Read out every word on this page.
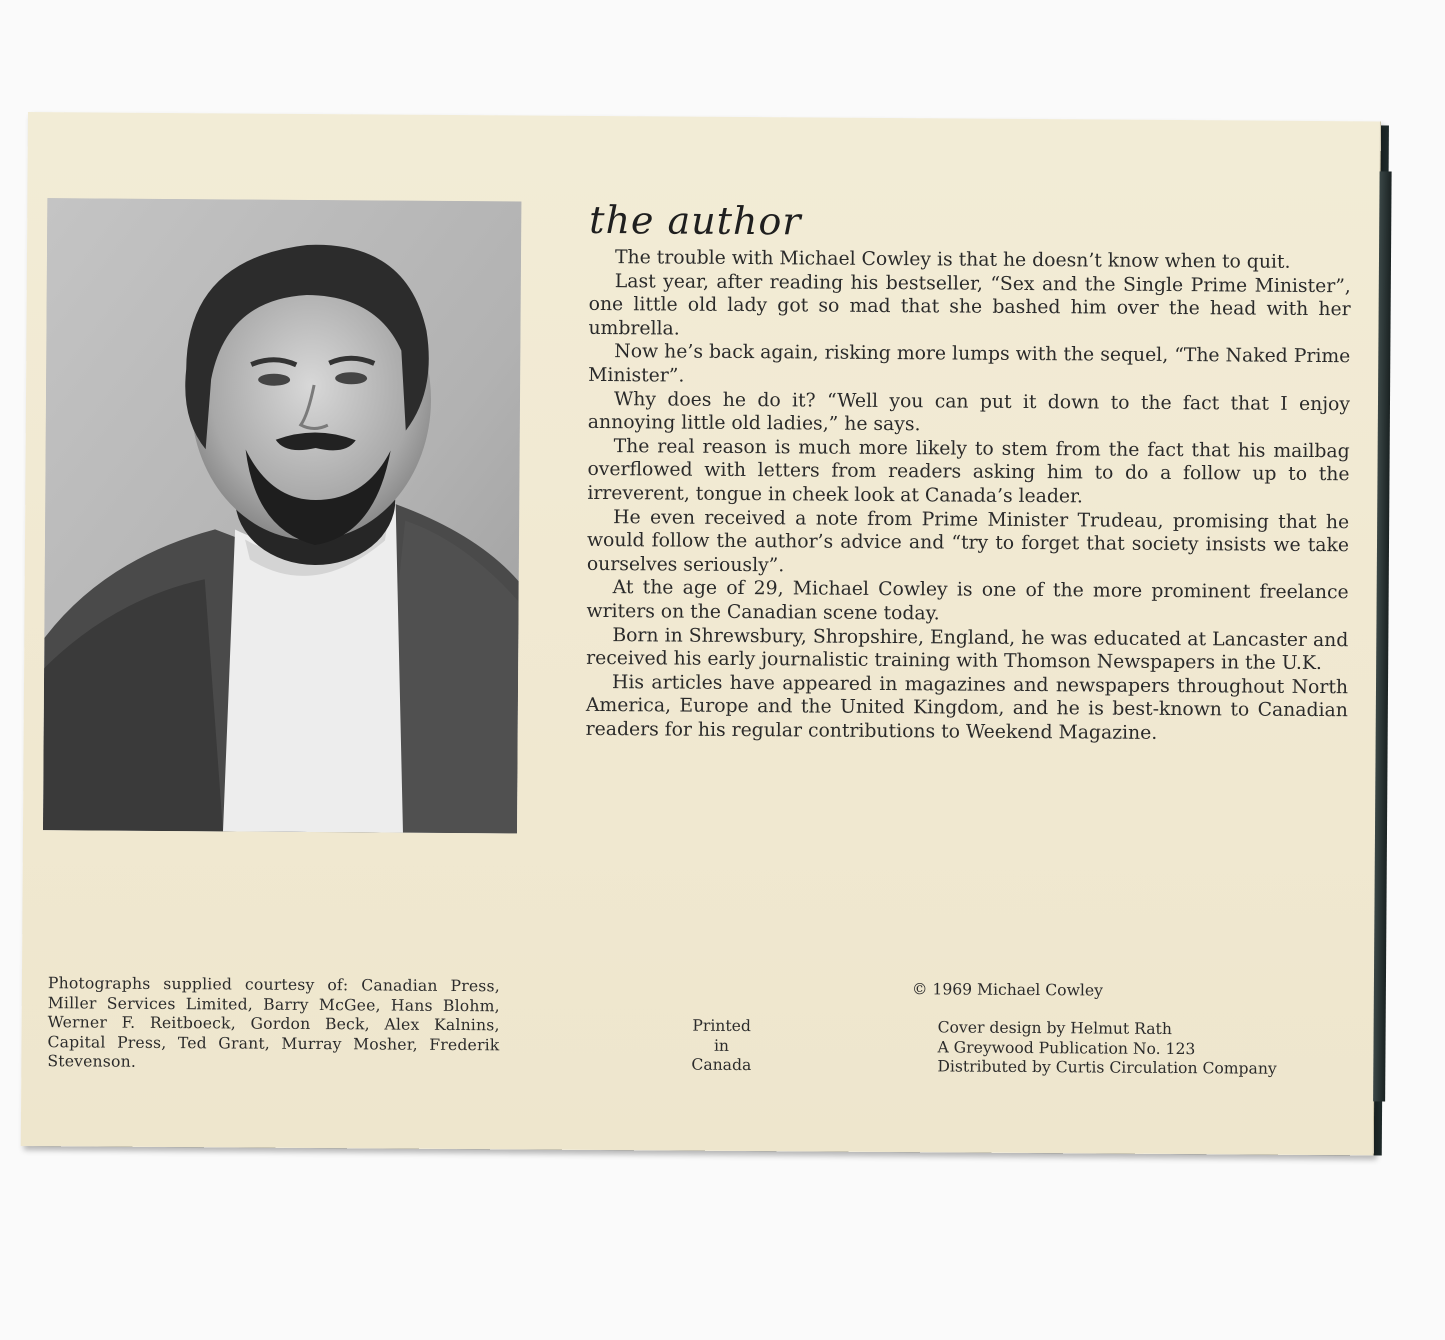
the author

The trouble with Michael Cowley is that he doesn’t know when to quit.

Last year, after reading his bestseller, “Sex and the Single Prime Minister”, one little old lady got so mad that she bashed him over the head with her umbrella.

Now he’s back again, risking more lumps with the sequel, “The Naked Prime Minister”.

Why does he do it? “Well you can put it down to the fact that I enjoy annoying little old ladies,” he says.

The real reason is much more likely to stem from the fact that his mailbag overflowed with letters from readers asking him to do a follow up to the irreverent, tongue in cheek look at Canada’s leader.

He even received a note from Prime Minister Trudeau, promising that he would follow the author’s advice and “try to forget that society insists we take ourselves seriously”.

At the age of 29, Michael Cowley is one of the more prominent freelance writers on the Canadian scene today.

Born in Shrewsbury, Shropshire, England, he was educated at Lancaster and received his early journalistic training with Thomson Newspapers in the U.K.

His articles have appeared in magazines and newspapers throughout North America, Europe and the United Kingdom, and he is best-known to Canadian readers for his regular contributions to Weekend Magazine.

Photographs supplied courtesy of: Canadian Press, Miller Services Limited, Barry McGee, Hans Blohm, Werner F. Reitboeck, Gordon Beck, Alex Kalnins, Capital Press, Ted Grant, Murray Mosher, Frederik Stevenson.
Printed
in
Canada
© 1969 Michael Cowley
Cover design by Helmut Rath
A Greywood Publication No. 123
Distributed by Curtis Circulation Company
